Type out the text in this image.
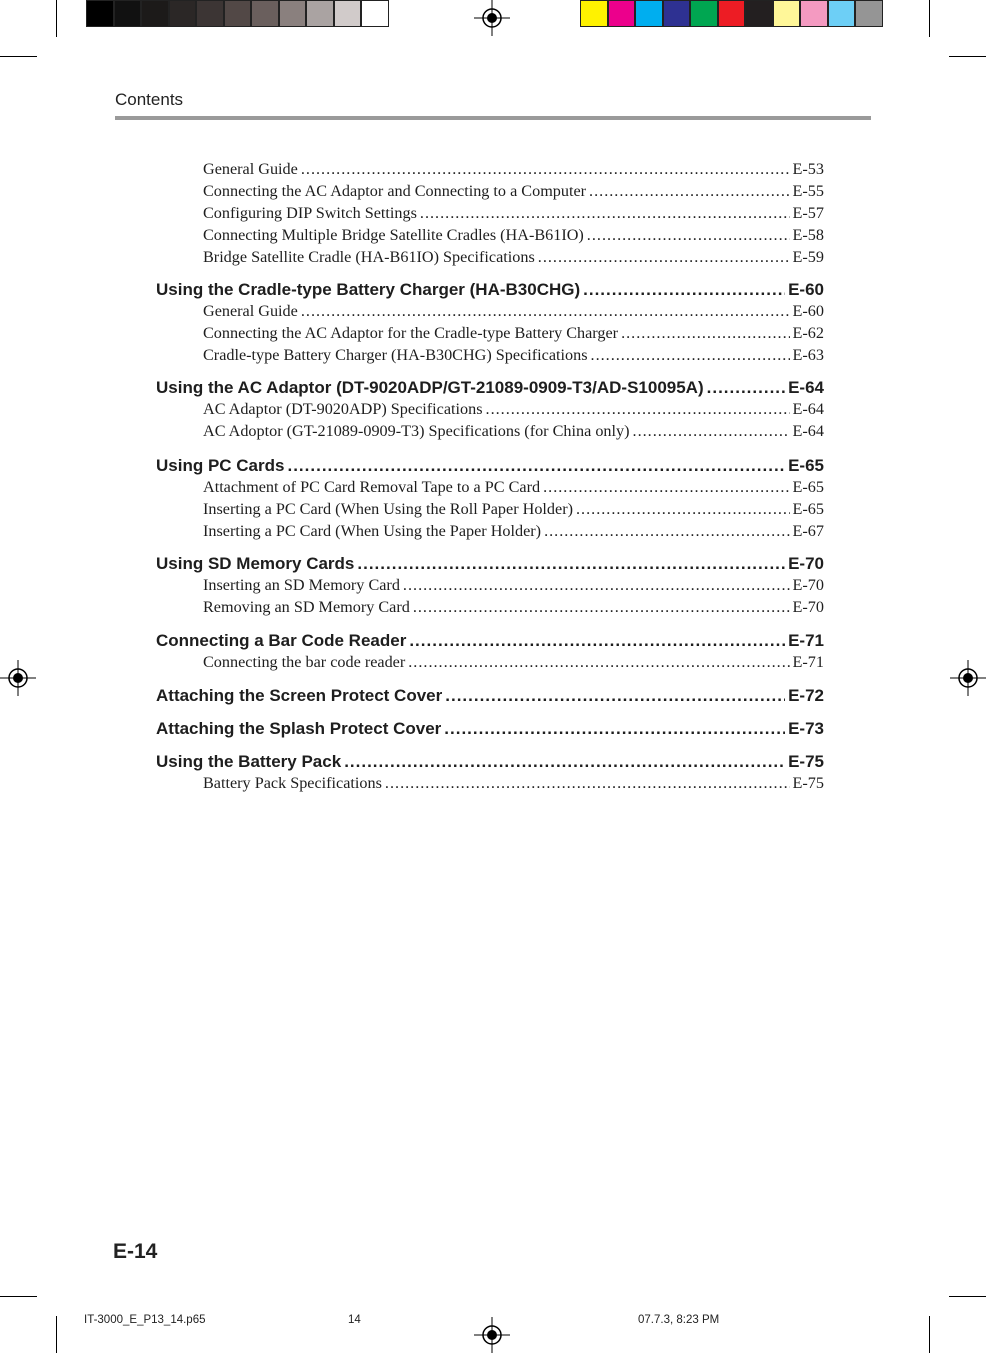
Contents
General Guide .....	E-53
Connecting the AC Adaptor and Connecting to a Computer .....	E-55
Configuring DIP Switch Settings .....	E-57
Connecting Multiple Bridge Satellite Cradles (HA-B61IO) .....	E-58
Bridge Satellite Cradle (HA-B61IO) Specifications .....	E-59
Using the Cradle-type Battery Charger (HA-B30CHG) .....	E-60
General Guide .....	E-60
Connecting the AC Adaptor for the Cradle-type Battery Charger .....	E-62
Cradle-type Battery Charger (HA-B30CHG) Specifications .....	E-63
Using the AC Adaptor (DT-9020ADP/GT-21089-0909-T3/AD-S10095A) .....	E-64
AC Adaptor (DT-9020ADP) Specifications .....	E-64
AC Adoptor (GT-21089-0909-T3) Specifications (for China only) .....	E-64
Using PC Cards .....	E-65
Attachment of PC Card Removal Tape to a PC Card .....	E-65
Inserting a PC Card (When Using the Roll Paper Holder) .....	E-65
Inserting a PC Card (When Using the Paper Holder) .....	E-67
Using SD Memory Cards .....	E-70
Inserting an SD Memory Card .....	E-70
Removing an SD Memory Card .....	E-70
Connecting a Bar Code Reader .....	E-71
Connecting the bar code reader .....	E-71
Attaching the Screen Protect Cover .....	E-72
Attaching the Splash Protect Cover .....	E-73
Using the Battery Pack .....	E-75
Battery Pack Specifications .....	E-75
E-14
IT-3000_E_P13_14.p65	14	07.7.3, 8:23 PM
